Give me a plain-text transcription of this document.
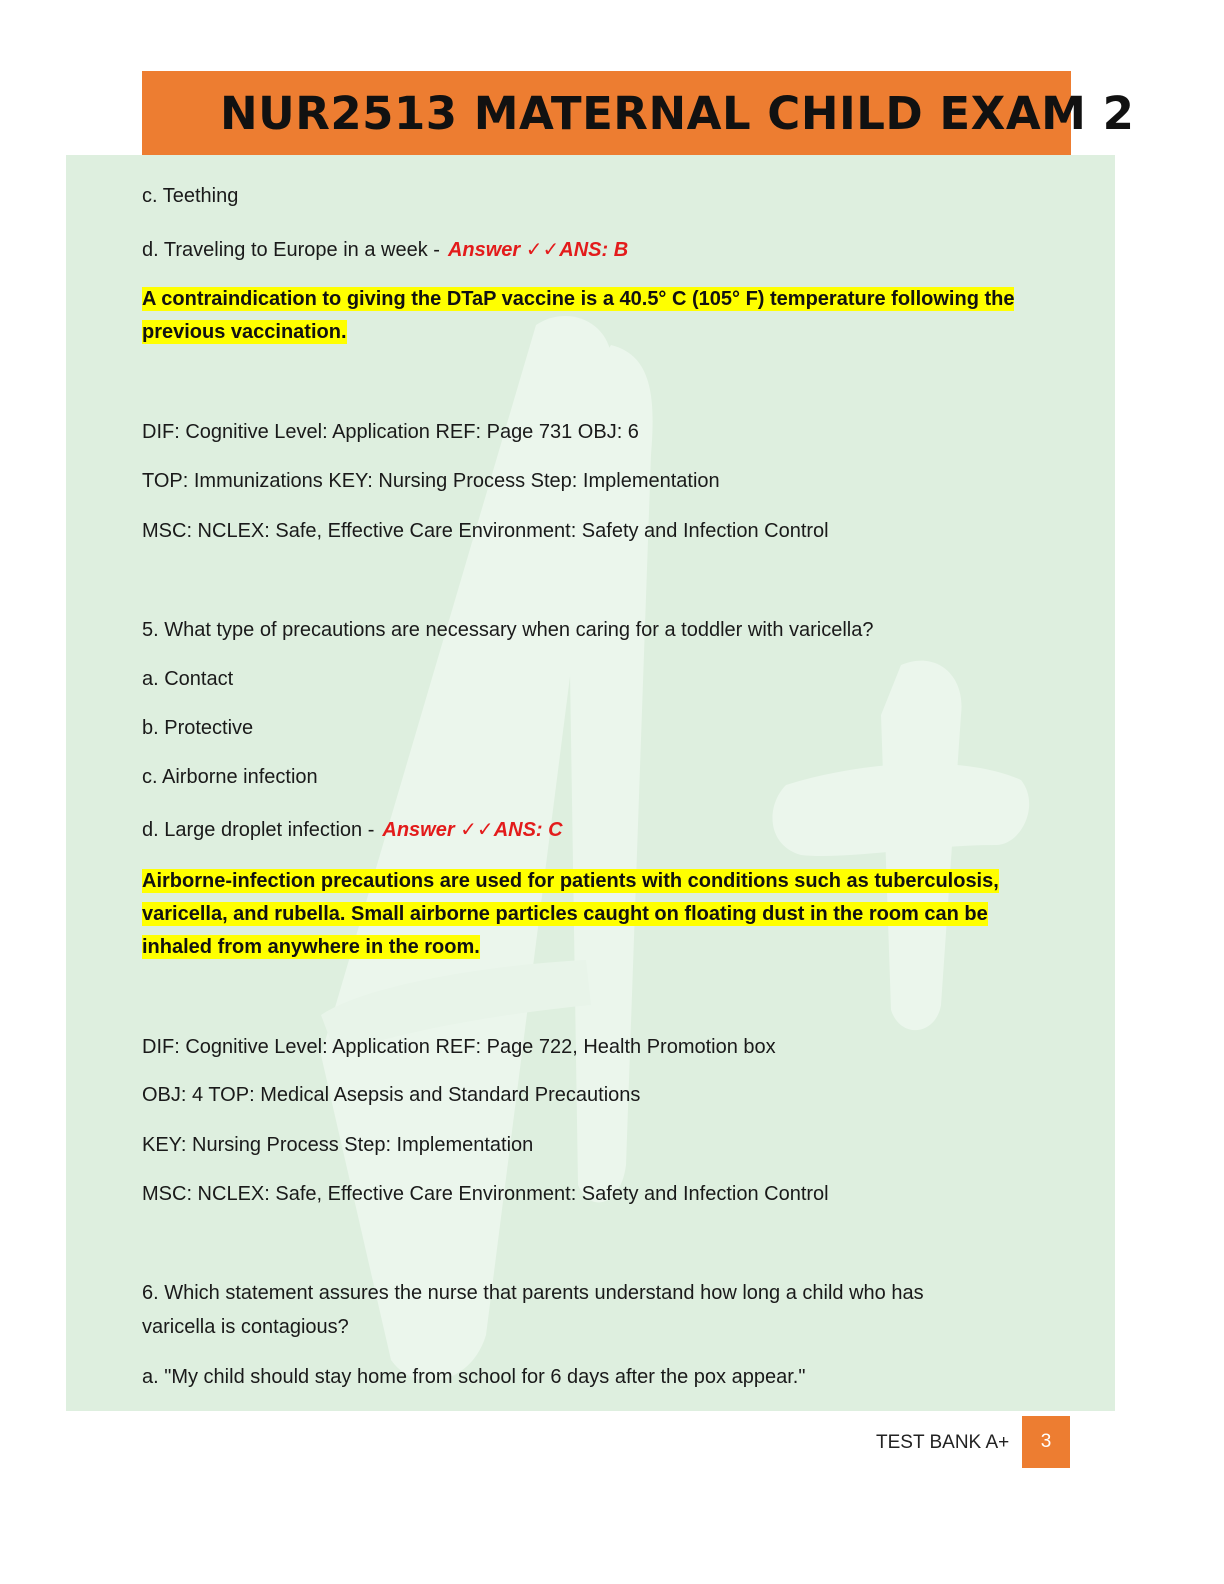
NUR2513 MATERNAL CHILD EXAM 2
c. Teething
d. Traveling to Europe in a week - Answer ✓✓ANS: B
A contraindication to giving the DTaP vaccine is a 40.5° C (105° F) temperature following the
previous vaccination.
DIF: Cognitive Level: Application REF: Page 731 OBJ: 6
TOP: Immunizations KEY: Nursing Process Step: Implementation
MSC: NCLEX: Safe, Effective Care Environment: Safety and Infection Control
5. What type of precautions are necessary when caring for a toddler with varicella?
a. Contact
b. Protective
c. Airborne infection
d. Large droplet infection - Answer ✓✓ANS: C
Airborne-infection precautions are used for patients with conditions such as tuberculosis,
varicella, and rubella. Small airborne particles caught on floating dust in the room can be
inhaled from anywhere in the room.
DIF: Cognitive Level: Application REF: Page 722, Health Promotion box
OBJ: 4 TOP: Medical Asepsis and Standard Precautions
KEY: Nursing Process Step: Implementation
MSC: NCLEX: Safe, Effective Care Environment: Safety and Infection Control
6. Which statement assures the nurse that parents understand how long a child who has
varicella is contagious?
a. "My child should stay home from school for 6 days after the pox appear."
TEST BANK A+	3
